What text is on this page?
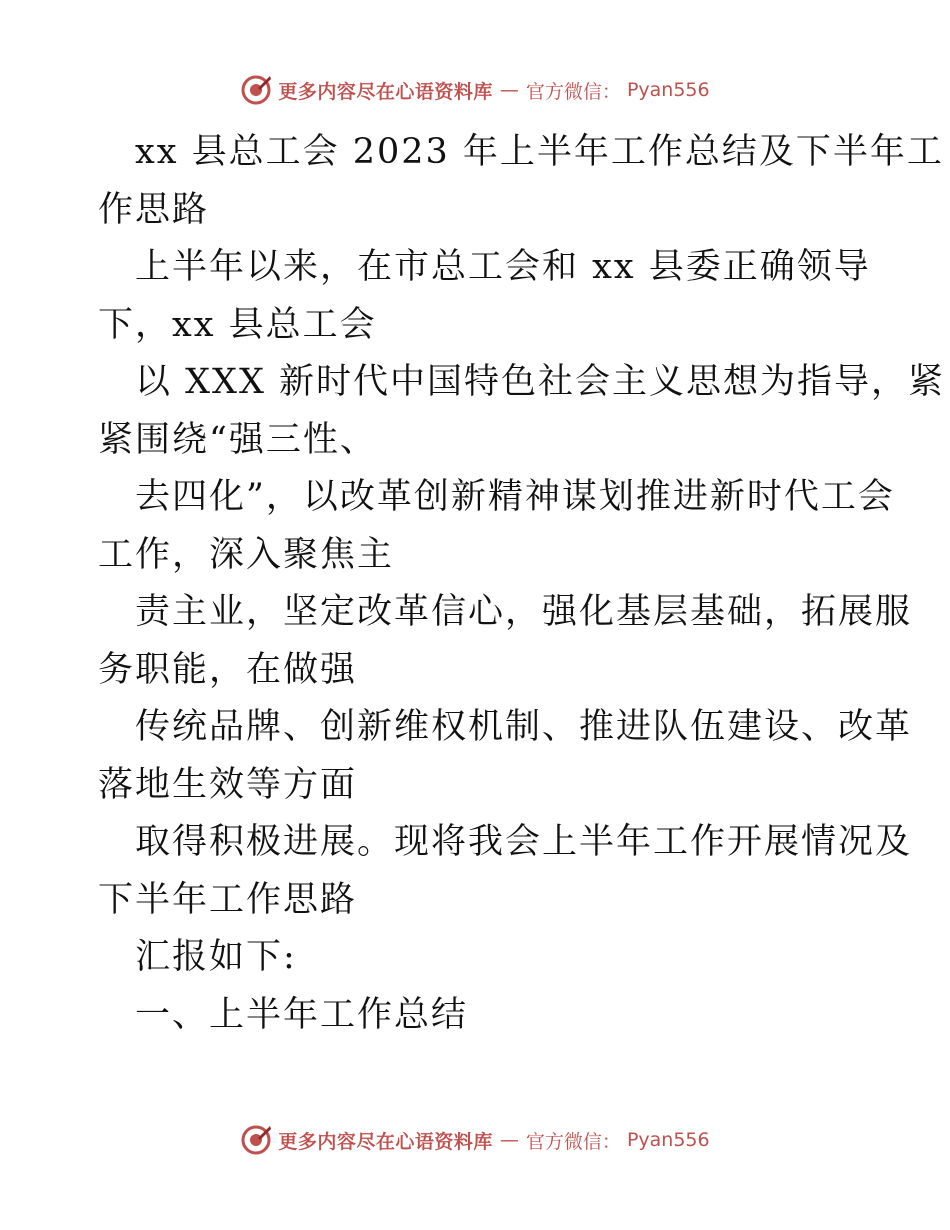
更多内容尽在心语资料库 — 官方微信： Pyan556
xx 县总工会 2023 年上半年工作总结及下半年工
作思路
上半年以来，在市总工会和 xx 县委正确领导
下，xx 县总工会
以 XXX 新时代中国特色社会主义思想为指导，紧
紧围绕“强三性、
去四化”，以改革创新精神谋划推进新时代工会
工作，深入聚焦主
责主业，坚定改革信心，强化基层基础，拓展服
务职能，在做强
传统品牌、创新维权机制、推进队伍建设、改革
落地生效等方面
取得积极进展。现将我会上半年工作开展情况及
下半年工作思路
汇报如下:
一、上半年工作总结
更多内容尽在心语资料库 — 官方微信： Pyan556
